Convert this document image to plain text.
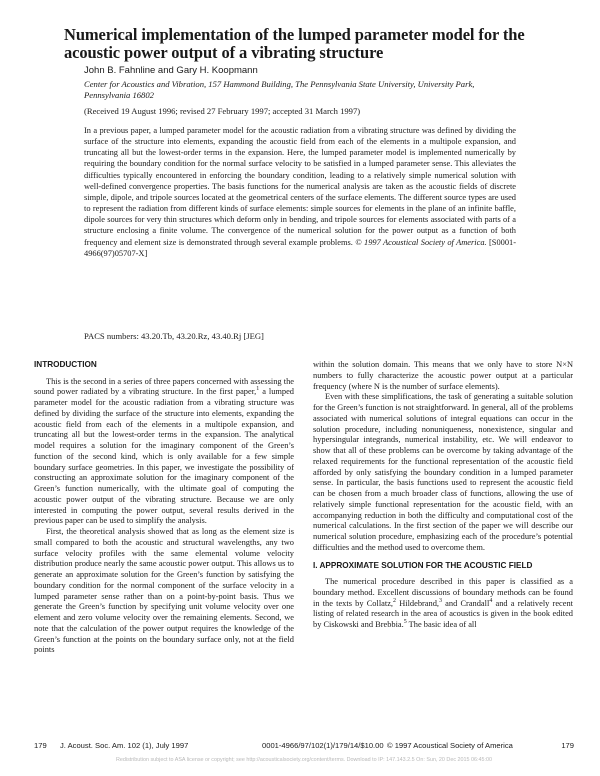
Numerical implementation of the lumped parameter model for the acoustic power output of a vibrating structure
John B. Fahnline and Gary H. Koopmann
Center for Acoustics and Vibration, 157 Hammond Building, The Pennsylvania State University, University Park, Pennsylvania 16802
(Received 19 August 1996; revised 27 February 1997; accepted 31 March 1997)

In a previous paper, a lumped parameter model for the acoustic radiation from a vibrating structure was defined by dividing the surface of the structure into elements, expanding the acoustic field from each of the elements in a multipole expansion, and truncating all but the lowest-order terms in the expansion. Here, the lumped parameter model is implemented numerically by requiring the boundary condition for the normal surface velocity to be satisfied in a lumped parameter sense. This alleviates the difficulties typically encountered in enforcing the boundary condition, leading to a relatively simple numerical solution with well-defined convergence properties. The basis functions for the numerical analysis are taken as the acoustic fields of discrete simple, dipole, and tripole sources located at the geometrical centers of the surface elements. The different source types are used to represent the radiation from different kinds of surface elements: simple sources for elements in the plane of an infinite baffle, dipole sources for very thin structures which deform only in bending, and tripole sources for elements associated with parts of a structure enclosing a finite volume. The convergence of the numerical solution for the power output as a function of both frequency and element size is demonstrated through several example problems. © 1997 Acoustical Society of America. [S0001-4966(97)05707-X]

PACS numbers: 43.20.Tb, 43.20.Rz, 43.40.Rj [JEG]

INTRODUCTION

This is the second in a series of three papers concerned with assessing the sound power radiated by a vibrating structure. In the first paper,$^1$ a lumped parameter model for the acoustic radiation from a vibrating structure was defined by dividing the surface of the structure into elements, expanding the acoustic field from each of the elements in a multipole expansion, and truncating all but the lowest-order terms in the expansion. The analytical model requires a solution for the imaginary component of the Green’s function of the second kind, which is only available for a few simple boundary surface geometries. In this paper, we investigate the possibility of constructing an approximate solution for the imaginary component of the Green’s function numerically, with the ultimate goal of computing the acoustic power output of the vibrating structure. Because we are only interested in computing the power output, several results derived in the previous paper can be used to simplify the analysis.

First, the theoretical analysis showed that as long as the element size is small compared to both the acoustic and structural wavelengths, any two surface velocity profiles with the same elemental volume velocity distribution produce nearly the same acoustic power output. This allows us to generate an approximate solution for the Green’s function by satisfying the boundary condition for the normal component of the surface velocity in a lumped parameter sense rather than on a point-by-point basis. Thus we generate the Green’s function by specifying unit volume velocity over one element and zero volume velocity over the remaining elements. Second, we note that the calculation of the power output requires the knowledge of the Green’s function at the points on the boundary surface only, not at the field points

within the solution domain. This means that we only have to store N×N numbers to fully characterize the acoustic power output at a particular frequency (where N is the number of surface elements).

Even with these simplifications, the task of generating a suitable solution for the Green’s function is not straightforward. In general, all of the problems associated with numerical solutions of integral equations can occur in the solution procedure, including nonuniqueness, nonexistence, singular and hypersingular integrands, numerical instability, etc. We will endeavor to show that all of these problems can be overcome by taking advantage of the relaxed requirements for the functional representation of the acoustic field afforded by only satisfying the boundary condition in a lumped parameter sense. In particular, the basis functions used to represent the acoustic field can be chosen from a much broader class of functions, allowing the use of relatively simple functional representation for the acoustic field, with an accompanying reduction in both the difficulty and computational cost of the numerical calculations. In the first section of the paper we will describe our numerical solution procedure, emphasizing each of the procedure’s potential difficulties and the method used to overcome them.

I. APPROXIMATE SOLUTION FOR THE ACOUSTIC FIELD

The numerical procedure described in this paper is classified as a boundary method. Excellent discussions of boundary methods can be found in the texts by Collatz,$^2$ Hildebrand,$^3$ and Crandall$^4$ and a relatively recent listing of related research in the area of acoustics is given in the book edited by Ciskowski and Brebbia.$^5$ The basic idea of all

179 J. Acoust. Soc. Am. 102 (1), July 1997	0001-4966/97/102(1)/179/14/$10.00 © 1997 Acoustical Society of America	179
Redistribution subject to ASA license or copyright; see http://acousticalsociety.org/content/terms. Download to IP: 147.143.2.5 On: Sun, 20 Dec 2015 06:45:00
